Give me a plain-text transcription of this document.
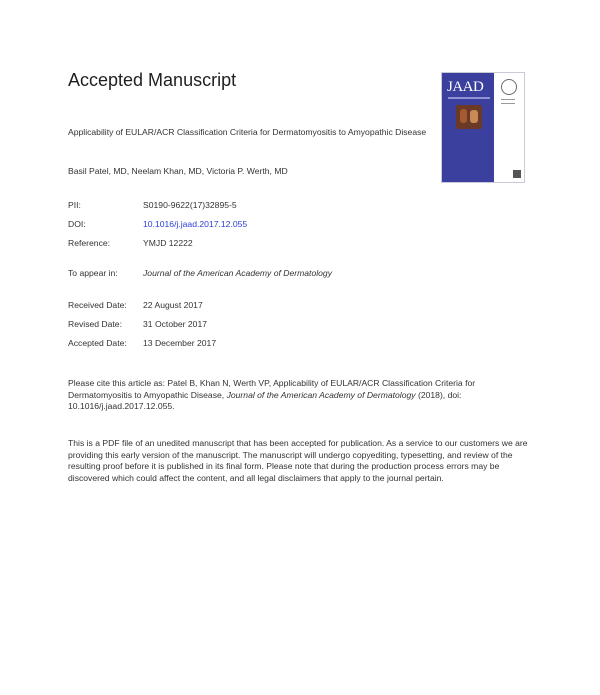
Accepted Manuscript	JAAD
Applicability of EULAR/ACR Classification Criteria for Dermatomyositis to Amyopathic Disease
Basil Patel, MD, Neelam Khan, MD, Victoria P. Werth, MD
PII:	S0190-9622(17)32895-5
DOI:	10.1016/j.jaad.2017.12.055
Reference:	YMJD 12222
To appear in:	Journal of the American Academy of Dermatology
Received Date: 22 August 2017
Revised Date: 31 October 2017
Accepted Date: 13 December 2017
Please cite this article as: Patel B, Khan N, Werth VP, Applicability of EULAR/ACR Classification Criteria for Dermatomyositis to Amyopathic Disease, Journal of the American Academy of Dermatology (2018), doi: 10.1016/j.jaad.2017.12.055.
This is a PDF file of an unedited manuscript that has been accepted for publication. As a service to our customers we are providing this early version of the manuscript. The manuscript will undergo copyediting, typesetting, and review of the resulting proof before it is published in its final form. Please note that during the production process errors may be discovered which could affect the content, and all legal disclaimers that apply to the journal pertain.
